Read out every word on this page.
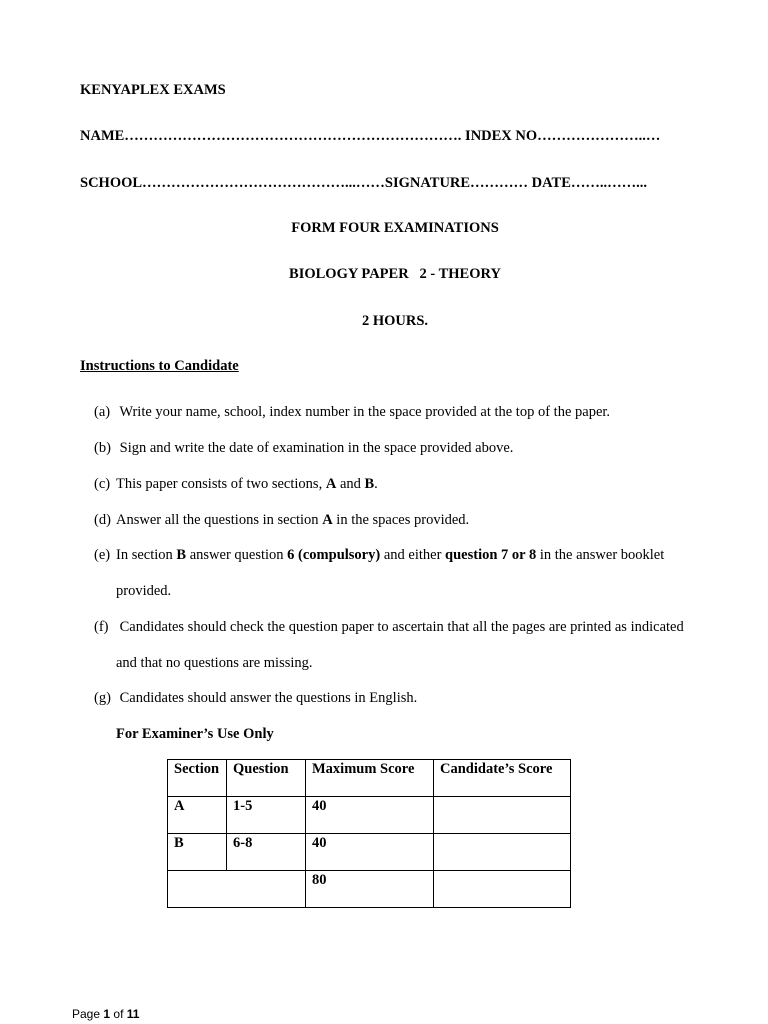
KENYAPLEX EXAMS
NAME……………………………………………………………. INDEX NO…………………..…
SCHOOL……………………………………...……SIGNATURE………… DATE……..……...
FORM FOUR EXAMINATIONS
BIOLOGY PAPER   2 - THEORY
2 HOURS.
Instructions to Candidate
(a) Write your name, school, index number in the space provided at the top of the paper.
(b) Sign and write the date of examination in the space provided above.
(c) This paper consists of two sections, A and B.
(d) Answer all the questions in section A in the spaces provided.
(e) In section B answer question 6 (compulsory) and either question 7 or 8 in the answer booklet
provided.
(f) Candidates should check the question paper to ascertain that all the pages are printed as indicated
and that no questions are missing.
(g) Candidates should answer the questions in English.
For Examiner’s Use Only
Section	Question	Maximum Score	Candidate’s Score
A	1-5	40	
B	6-8	40	
		80	
Page 1 of 11
